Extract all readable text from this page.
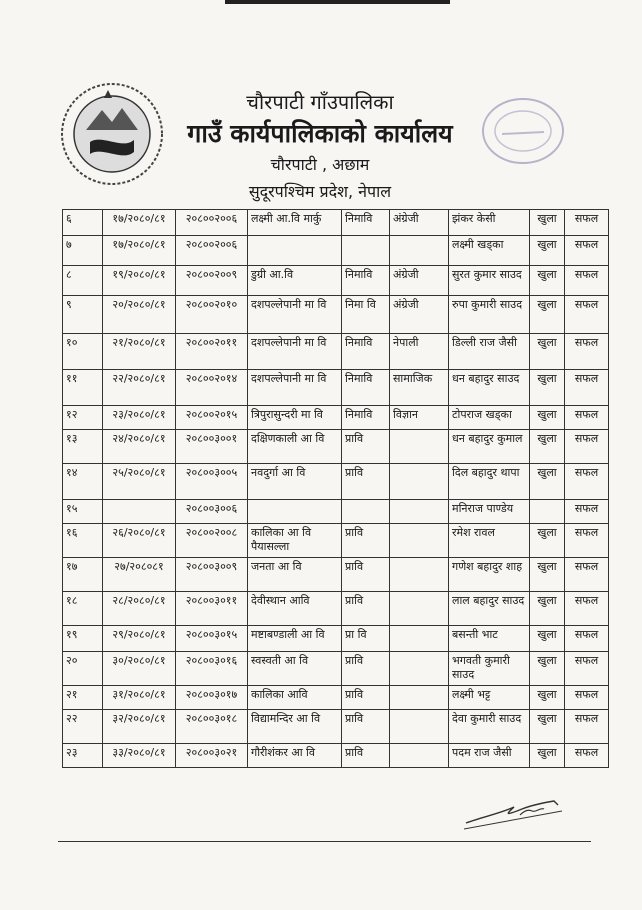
चौरपाटी गाँउपालिका
गाउँ कार्यपालिकाको कार्यालय
चौरपाटी , अछाम
सुदूरपश्चिम प्रदेश, नेपाल
६	१७/२०८०/८१	२०८००२००६	लक्ष्मी आ.वि मार्कु	निमावि	अंग्रेजी	झंकर केसी	खुला	सफल
७	१७/२०८०/८१	२०८००२००६				लक्ष्मी खड्का	खुला	सफल
८	१९/२०८०/८१	२०८००२००९	डुग्री आ.वि	निमावि	अंग्रेजी	सुरत कुमार साउद	खुला	सफल
९	२०/२०८०/८१	२०८००२०१०	दशपल्लेपानी मा वि	निमा वि	अंग्रेजी	रुपा कुमारी साउद	खुला	सफल
१०	२१/२०८०/८१	२०८००२०११	दशपल्लेपानी मा वि	निमावि	नेपाली	डिल्ली राज जैसी	खुला	सफल
११	२२/२०८०/८१	२०८००२०१४	दशपल्लेपानी मा वि	निमावि	सामाजिक	धन बहादुर साउद	खुला	सफल
१२	२३/२०८०/८१	२०८००२०१५	त्रिपुरासुन्दरी मा वि	निमावि	विज्ञान	टोपराज खड्का	खुला	सफल
१३	२४/२०८०/८१	२०८००३००१	दक्षिणकाली आ वि	प्रावि		धन बहादुर कुमाल	खुला	सफल
१४	२५/२०८०/८१	२०८००३००५	नवदुर्गा आ वि	प्रावि		दिल बहादुर थापा	खुला	सफल
१५		२०८००३००६				मनिराज पाण्डेय		सफल
१६	२६/२०८०/८१	२०८००२००८	कालिका आ वि पैयासल्ला	प्रावि		रमेश रावल	खुला	सफल
१७	२७/२०८०८१	२०८००३००९	जनता आ वि	प्रावि		गणेश बहादुर शाह	खुला	सफल
१८	२८/२०८०/८१	२०८००३०११	देवीस्थान आवि	प्रावि		लाल बहादुर साउद	खुला	सफल
१९	२९/२०८०/८१	२०८००३०१५	मष्टाबण्डाली आ वि	प्रा वि		बसन्ती भाट	खुला	सफल
२०	३०/२०८०/८१	२०८००३०१६	स्वस्वती आ वि	प्रावि		भगवती कुमारी साउद	खुला	सफल
२१	३१/२०८०/८१	२०८००३०१७	कालिका आवि	प्रावि		लक्ष्मी भट्ट	खुला	सफल
२२	३२/२०८०/८१	२०८००३०१८	विद्यामन्दिर आ वि	प्रावि		देवा कुमारी साउद	खुला	सफल
२३	३३/२०८०/८१	२०८००३०२१	गौरीशंकर आ वि	प्रावि		पदम राज जैसी	खुला	सफल
